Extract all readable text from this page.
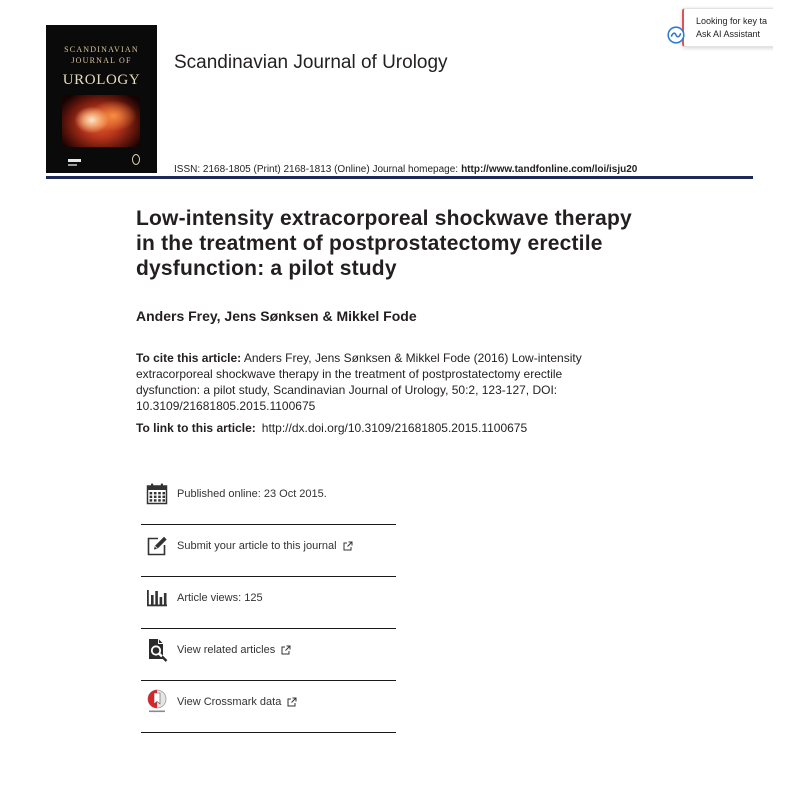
SCANDINAVIAN
JOURNAL OF
UROLOGY
Scandinavian Journal of Urology
ISSN: 2168-1805 (Print) 2168-1813 (Online) Journal homepage: http://www.tandfonline.com/loi/isju20
Low-intensity extracorporeal shockwave therapy in the treatment of postprostatectomy erectile dysfunction: a pilot study
Anders Frey, Jens Sønksen & Mikkel Fode

To cite this article: Anders Frey, Jens Sønksen & Mikkel Fode (2016) Low-intensity extracorporeal shockwave therapy in the treatment of postprostatectomy erectile dysfunction: a pilot study, Scandinavian Journal of Urology, 50:2, 123-127, DOI: 10.3109/21681805.2015.1100675

To link to this article: http://dx.doi.org/10.3109/21681805.2015.1100675
Published online: 23 Oct 2015.
Submit your article to this journal
Article views: 125
View related articles
View Crossmark data
Looking for key ta
Ask AI Assistant
